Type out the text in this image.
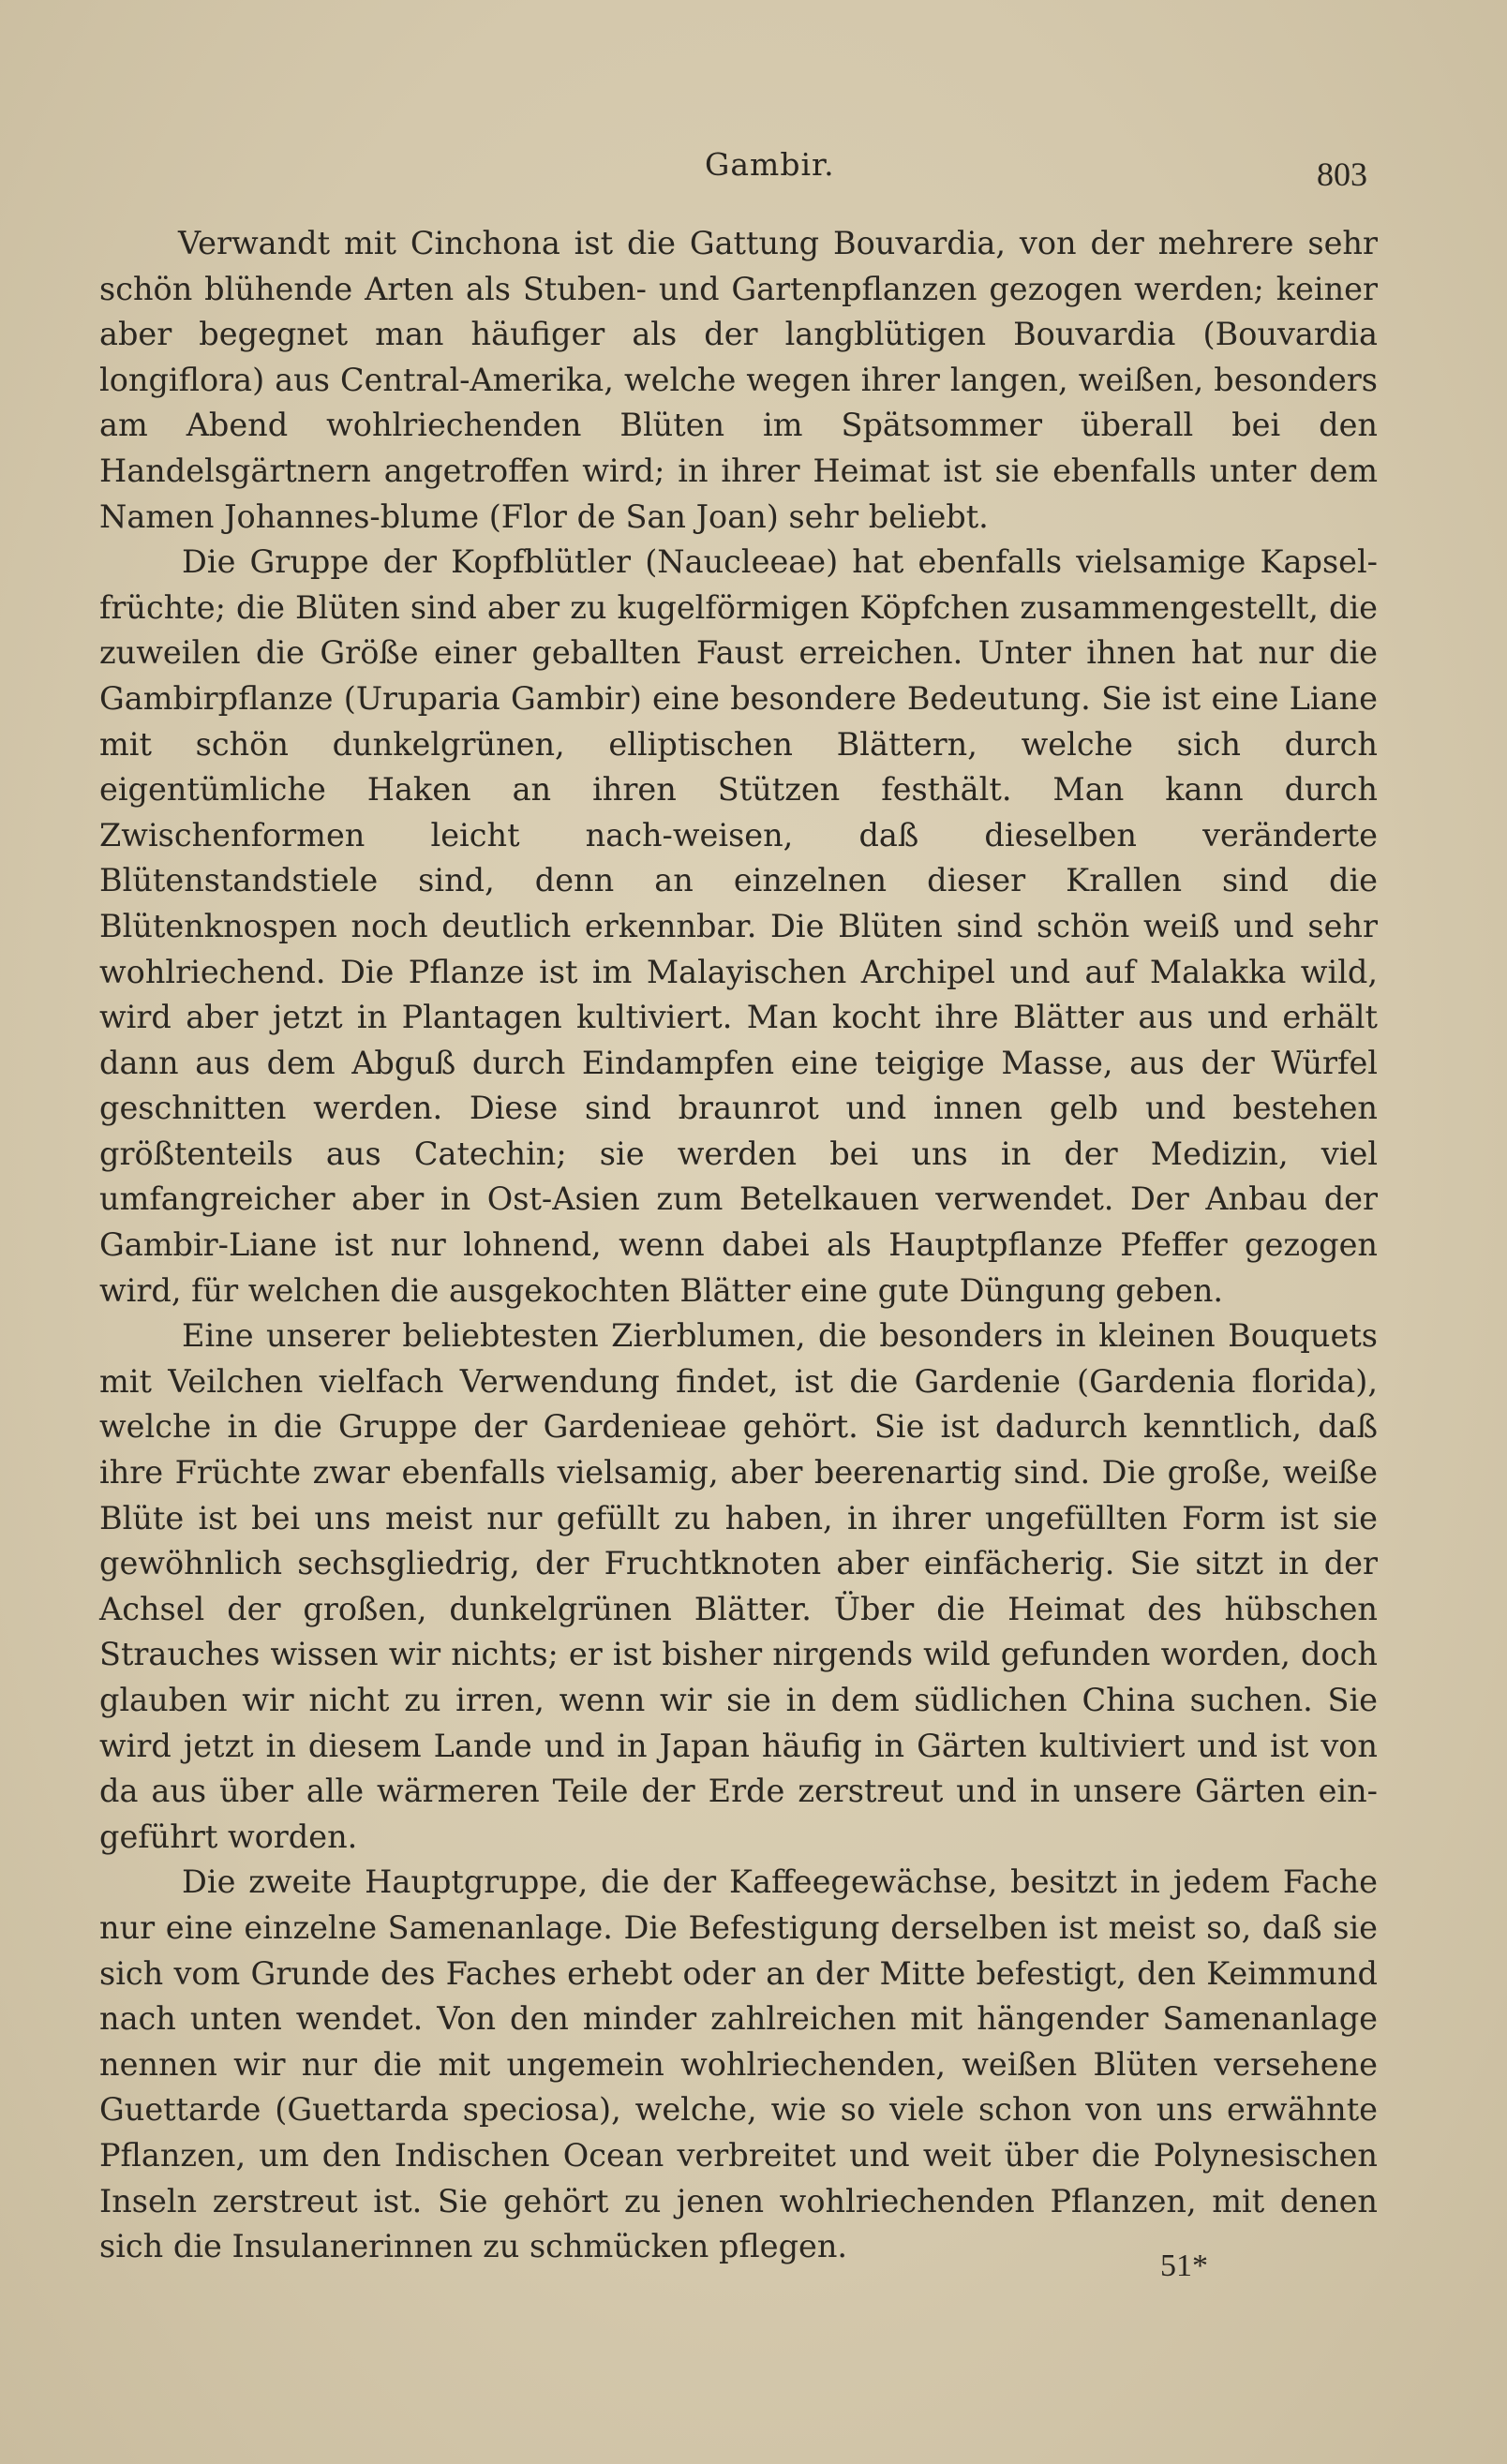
Gambir.	803

Verwandt mit Cinchona ist die Gattung Bouvardia, von der mehrere sehr schön blühende Arten als Stuben- und Gartenpflanzen gezogen werden; keiner aber begegnet man häufiger als der langblütigen Bouvardia (Bouvardia longiflora) aus Central-Amerika, welche wegen ihrer langen, weißen, besonders am Abend wohlriechenden Blüten im Spätsommer überall bei den Handelsgärtnern angetroffen wird; in ihrer Heimat ist sie ebenfalls unter dem Namen Johannes-blume (Flor de San Joan) sehr beliebt.

Die Gruppe der Kopfblütler (Naucleeae) hat ebenfalls vielsamige Kapsel-früchte; die Blüten sind aber zu kugelförmigen Köpfchen zusammengestellt, die zuweilen die Größe einer geballten Faust erreichen. Unter ihnen hat nur die Gambirpflanze (Uruparia Gambir) eine besondere Bedeutung. Sie ist eine Liane mit schön dunkelgrünen, elliptischen Blättern, welche sich durch eigentümliche Haken an ihren Stützen festhält. Man kann durch Zwischenformen leicht nach-weisen, daß dieselben veränderte Blütenstandstiele sind, denn an einzelnen dieser Krallen sind die Blütenknospen noch deutlich erkennbar. Die Blüten sind schön weiß und sehr wohlriechend. Die Pflanze ist im Malayischen Archipel und auf Malakka wild, wird aber jetzt in Plantagen kultiviert. Man kocht ihre Blätter aus und erhält dann aus dem Abguß durch Eindampfen eine teigige Masse, aus der Würfel geschnitten werden. Diese sind braunrot und innen gelb und bestehen größtenteils aus Catechin; sie werden bei uns in der Medizin, viel umfangreicher aber in Ost-Asien zum Betelkauen verwendet. Der Anbau der Gambir-Liane ist nur lohnend, wenn dabei als Hauptpflanze Pfeffer gezogen wird, für welchen die ausgekochten Blätter eine gute Düngung geben.

Eine unserer beliebtesten Zierblumen, die besonders in kleinen Bouquets mit Veilchen vielfach Verwendung findet, ist die Gardenie (Gardenia florida), welche in die Gruppe der Gardenieae gehört. Sie ist dadurch kenntlich, daß ihre Früchte zwar ebenfalls vielsamig, aber beerenartig sind. Die große, weiße Blüte ist bei uns meist nur gefüllt zu haben, in ihrer ungefüllten Form ist sie gewöhnlich sechsgliedrig, der Fruchtknoten aber einfächerig. Sie sitzt in der Achsel der großen, dunkelgrünen Blätter. Über die Heimat des hübschen Strauches wissen wir nichts; er ist bisher nirgends wild gefunden worden, doch glauben wir nicht zu irren, wenn wir sie in dem südlichen China suchen. Sie wird jetzt in diesem Lande und in Japan häufig in Gärten kultiviert und ist von da aus über alle wärmeren Teile der Erde zerstreut und in unsere Gärten ein-geführt worden.

Die zweite Hauptgruppe, die der Kaffeegewächse, besitzt in jedem Fache nur eine einzelne Samenanlage. Die Befestigung derselben ist meist so, daß sie sich vom Grunde des Faches erhebt oder an der Mitte befestigt, den Keimmund nach unten wendet. Von den minder zahlreichen mit hängender Samenanlage nennen wir nur die mit ungemein wohlriechenden, weißen Blüten versehene Guettarde (Guettarda speciosa), welche, wie so viele schon von uns erwähnte Pflanzen, um den Indischen Ocean verbreitet und weit über die Polynesischen Inseln zerstreut ist. Sie gehört zu jenen wohlriechenden Pflanzen, mit denen sich die Insulanerinnen zu schmücken pflegen.

51*
